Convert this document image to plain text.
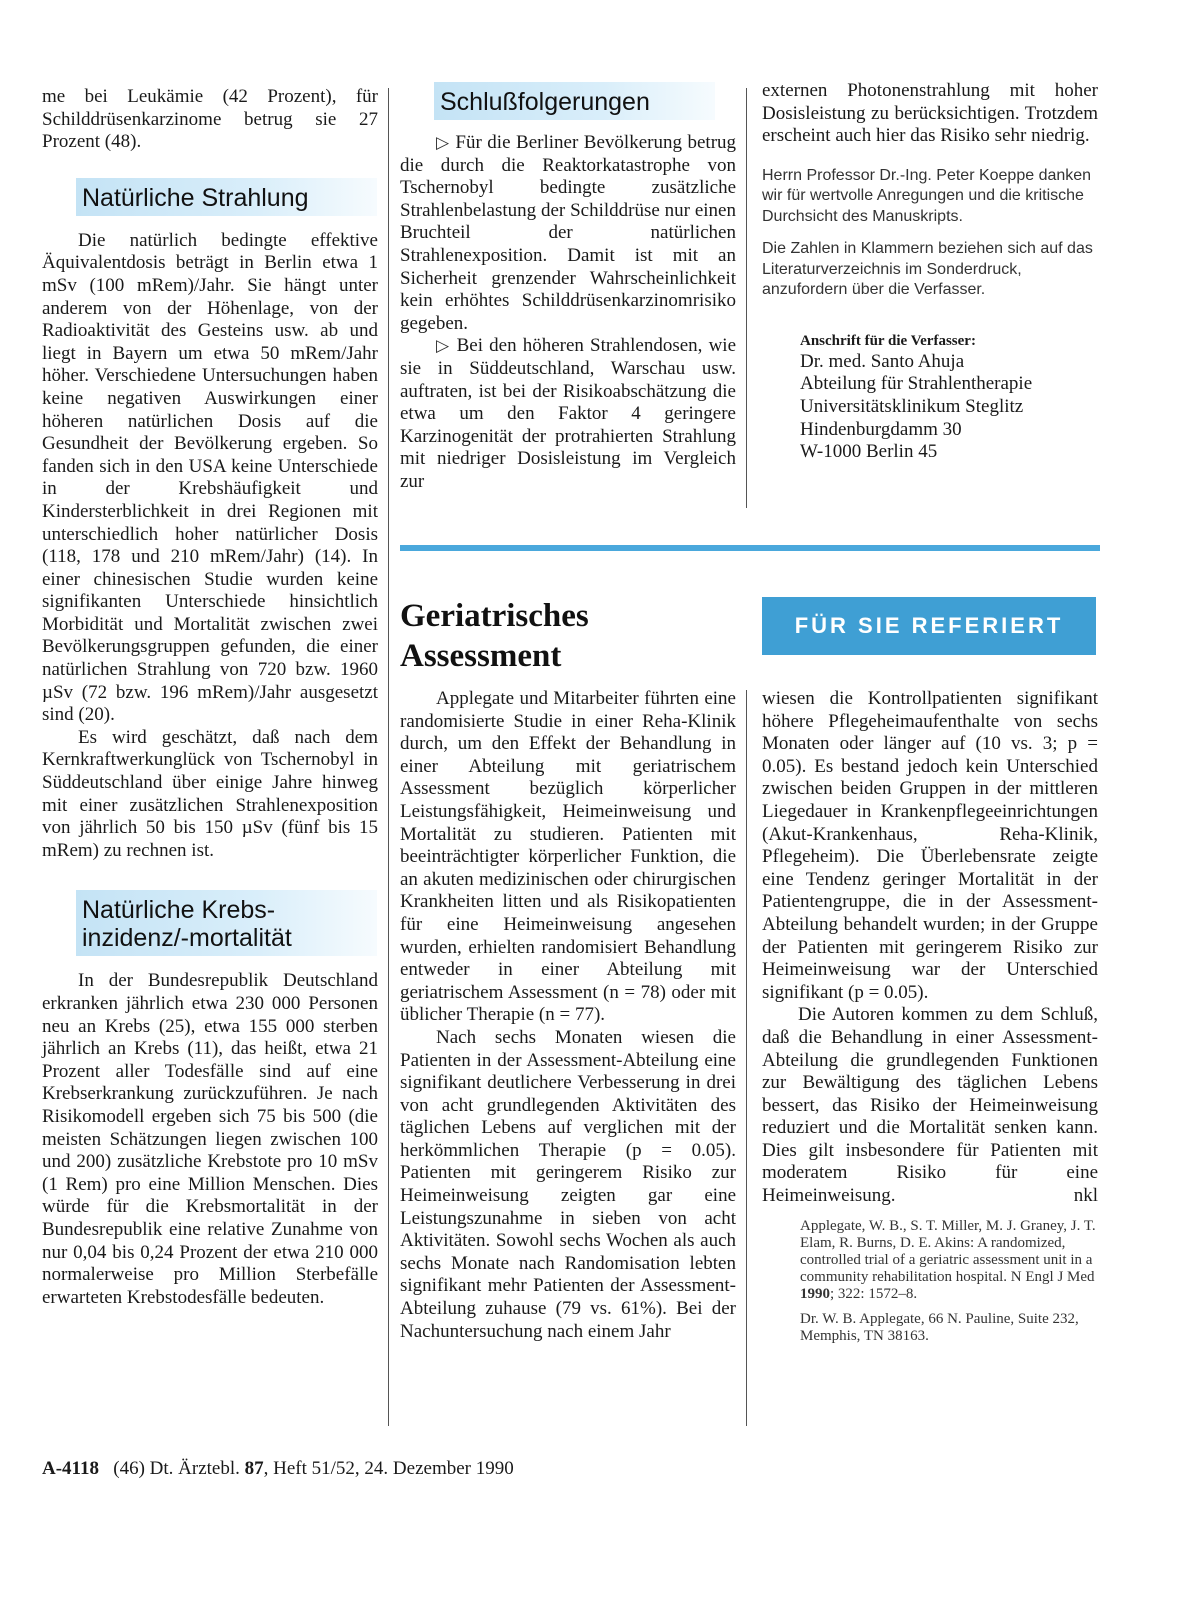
me bei Leukämie (42 Prozent), für Schilddrüsenkarzinome betrug sie 27 Prozent (48).

Natürliche Strahlung

Die natürlich bedingte effektive Äquivalentdosis beträgt in Berlin etwa 1 mSv (100 mRem)/Jahr. Sie hängt unter anderem von der Höhenlage, von der Radioaktivität des Gesteins usw. ab und liegt in Bayern um etwa 50 mRem/Jahr höher. Verschiedene Untersuchungen haben keine negativen Auswirkungen einer höheren natürlichen Dosis auf die Gesundheit der Bevölkerung ergeben. So fanden sich in den USA keine Unterschiede in der Krebshäufigkeit und Kindersterblichkeit in drei Regionen mit unterschiedlich hoher natürlicher Dosis (118, 178 und 210 mRem/Jahr) (14). In einer chinesischen Studie wurden keine signifikanten Unterschiede hinsichtlich Morbidität und Mortalität zwischen zwei Bevölkerungsgruppen gefunden, die einer natürlichen Strahlung von 720 bzw. 1960 µSv (72 bzw. 196 mRem)/Jahr ausgesetzt sind (20).

Es wird geschätzt, daß nach dem Kernkraftwerkunglück von Tschernobyl in Süddeutschland über einige Jahre hinweg mit einer zusätzlichen Strahlenexposition von jährlich 50 bis 150 µSv (fünf bis 15 mRem) zu rechnen ist.

Natürliche Krebs-
inzidenz/-mortalität

In der Bundesrepublik Deutschland erkranken jährlich etwa 230 000 Personen neu an Krebs (25), etwa 155 000 sterben jährlich an Krebs (11), das heißt, etwa 21 Prozent aller Todesfälle sind auf eine Krebserkrankung zurückzuführen. Je nach Risikomodell ergeben sich 75 bis 500 (die meisten Schätzungen liegen zwischen 100 und 200) zusätzliche Krebstote pro 10 mSv (1 Rem) pro eine Million Menschen. Dies würde für die Krebsmortalität in der Bundesrepublik eine relative Zunahme von nur 0,04 bis 0,24 Prozent der etwa 210 000 normalerweise pro Million Sterbefälle erwarteten Krebstodesfälle bedeuten.

Schlußfolgerungen

▷ Für die Berliner Bevölkerung betrug die durch die Reaktorkatastrophe von Tschernobyl bedingte zusätzliche Strahlenbelastung der Schilddrüse nur einen Bruchteil der natürlichen Strahlenexposition. Damit ist mit an Sicherheit grenzender Wahrscheinlichkeit kein erhöhtes Schilddrüsenkarzinomrisiko gegeben.

▷ Bei den höheren Strahlendosen, wie sie in Süddeutschland, Warschau usw. auftraten, ist bei der Risikoabschätzung die etwa um den Faktor 4 geringere Karzinogenität der protrahierten Strahlung mit niedriger Dosisleistung im Vergleich zur

externen Photonenstrahlung mit hoher Dosisleistung zu berücksichtigen. Trotzdem erscheint auch hier das Risiko sehr niedrig.

Herrn Professor Dr.-Ing. Peter Koeppe danken wir für wertvolle Anregungen und die kritische Durchsicht des Manuskripts.
Die Zahlen in Klammern beziehen sich auf das Literaturverzeichnis im Sonderdruck, anzufordern über die Verfasser.
Anschrift für die Verfasser:
Dr. med. Santo Ahuja
Abteilung für Strahlentherapie
Universitätsklinikum Steglitz
Hindenburgdamm 30
W-1000 Berlin 45
Geriatrisches
Assessment
FÜR SIE REFERIERT

Applegate und Mitarbeiter führten eine randomisierte Studie in einer Reha-Klinik durch, um den Effekt der Behandlung in einer Abteilung mit geriatrischem Assessment bezüglich körperlicher Leistungsfähigkeit, Heimeinweisung und Mortalität zu studieren. Patienten mit beeinträchtigter körperlicher Funktion, die an akuten medizinischen oder chirurgischen Krankheiten litten und als Risikopatienten für eine Heimeinweisung angesehen wurden, erhielten randomisiert Behandlung entweder in einer Abteilung mit geriatrischem Assessment (n = 78) oder mit üblicher Therapie (n = 77).

Nach sechs Monaten wiesen die Patienten in der Assessment-Abteilung eine signifikant deutlichere Verbesserung in drei von acht grundlegenden Aktivitäten des täglichen Lebens auf verglichen mit der herkömmlichen Therapie (p = 0.05). Patienten mit geringerem Risiko zur Heimeinweisung zeigten gar eine Leistungszunahme in sieben von acht Aktivitäten. Sowohl sechs Wochen als auch sechs Monate nach Randomisation lebten signifikant mehr Patienten der Assessment-Abteilung zuhause (79 vs. 61%). Bei der Nachuntersuchung nach einem Jahr

wiesen die Kontrollpatienten signifikant höhere Pflegeheimaufenthalte von sechs Monaten oder länger auf (10 vs. 3; p = 0.05). Es bestand jedoch kein Unterschied zwischen beiden Gruppen in der mittleren Liegedauer in Krankenpflegeeinrichtungen (Akut-Krankenhaus, Reha-Klinik, Pflegeheim). Die Überlebensrate zeigte eine Tendenz geringer Mortalität in der Patientengruppe, die in der Assessment-Abteilung behandelt wurden; in der Gruppe der Patienten mit geringerem Risiko zur Heimeinweisung war der Unterschied signifikant (p = 0.05).

Die Autoren kommen zu dem Schluß, daß die Behandlung in einer Assessment-Abteilung die grundlegenden Funktionen zur Bewältigung des täglichen Lebens bessert, das Risiko der Heimeinweisung reduziert und die Mortalität senken kann. Dies gilt insbesondere für Patienten mit moderatem Risiko für eine Heimeinweisung.	nkl

Applegate, W. B., S. T. Miller, M. J. Graney, J. T. Elam, R. Burns, D. E. Akins: A randomized, controlled trial of a geriatric assessment unit in a community rehabilitation hospital. N Engl J Med 1990; 322: 1572–8.
Dr. W. B. Applegate, 66 N. Pauline, Suite 232, Memphis, TN 38163.
A-4118 (46) Dt. Ärztebl. 87, Heft 51/52, 24. Dezember 1990
